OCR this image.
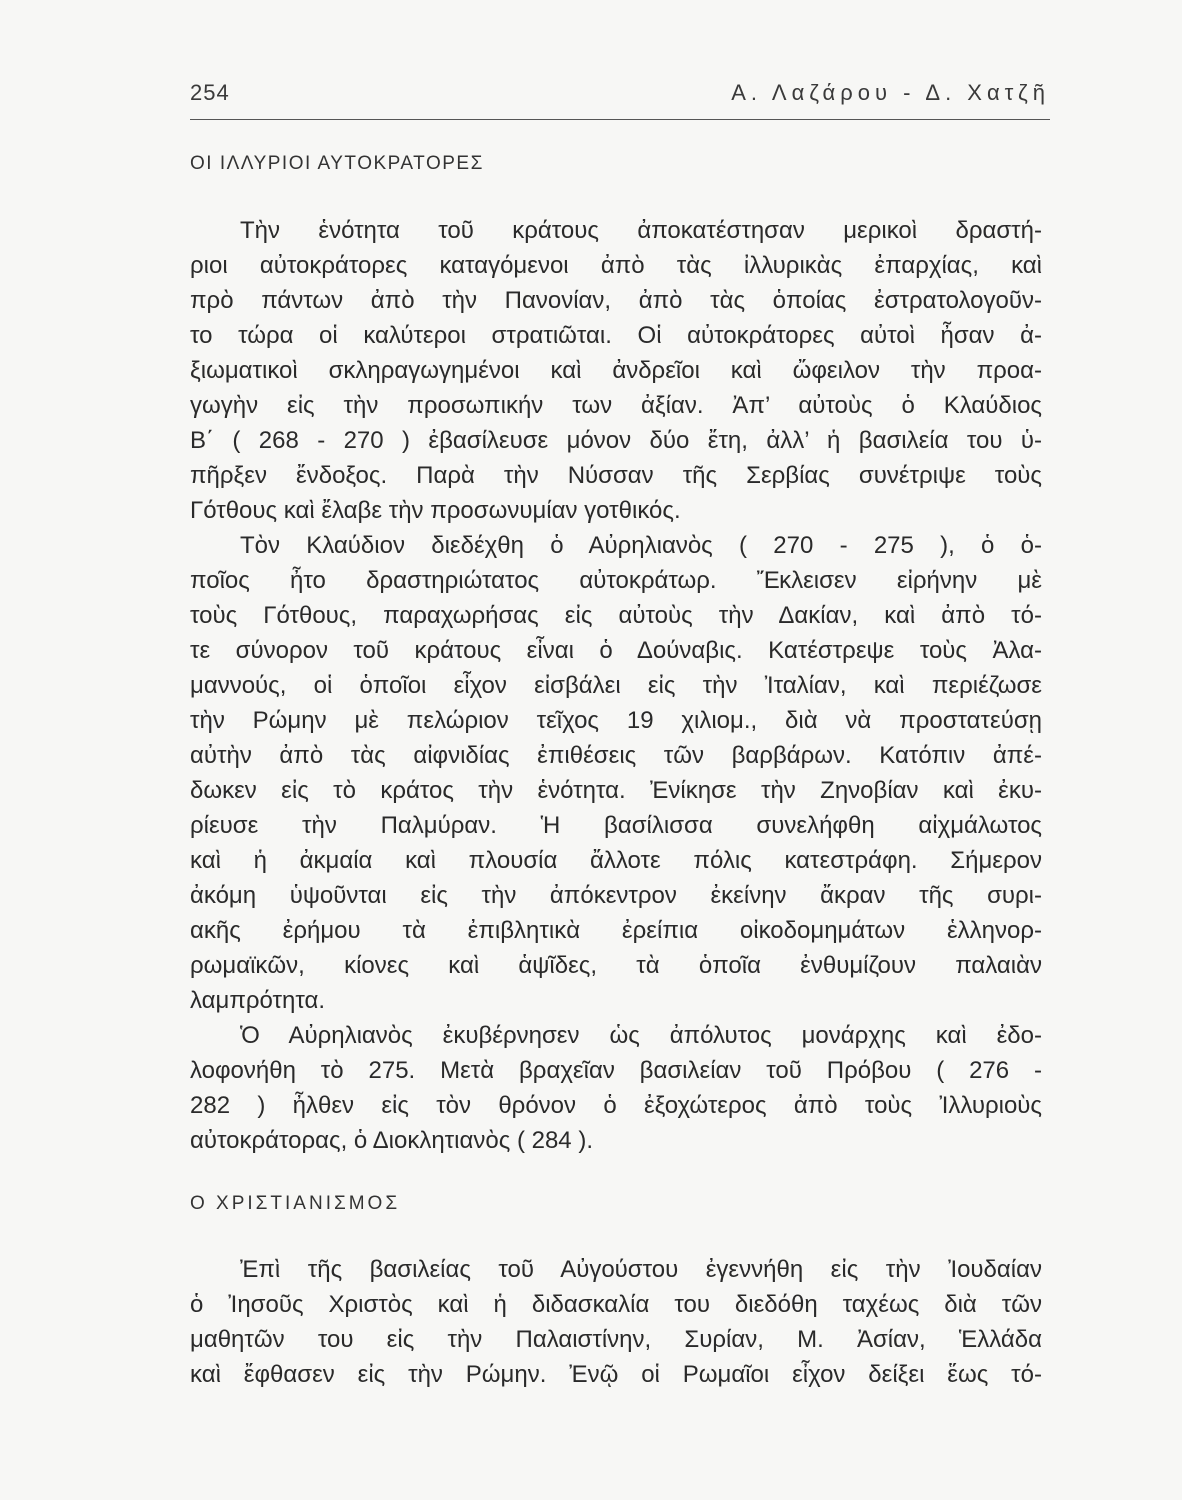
254	Α. Λαζάρου - Δ. Χατζῆ
ΟΙ ΙΛΛΥΡΙΟΙ ΑΥΤΟΚΡΑΤΟΡΕΣ
Τὴν ἑνότητα τοῦ κράτους ἀποκατέστησαν μερικοὶ δραστή-
ριοι αὐτοκράτορες καταγόμενοι ἀπὸ τὰς ἰλλυρικὰς ἐπαρχίας, καὶ
πρὸ πάντων ἀπὸ τὴν Πανονίαν, ἀπὸ τὰς ὁποίας ἐστρατολογοῦν-
το τώρα οἱ καλύτεροι στρατιῶται. Οἱ αὐτοκράτορες αὐτοὶ ἦσαν ἀ-
ξιωματικοὶ σκληραγωγημένοι καὶ ἀνδρεῖοι καὶ ὤφειλον τὴν προα-
γωγὴν εἰς τὴν προσωπικήν των ἀξίαν. Ἀπ’ αὐτοὺς ὁ Κλαύδιος
Β΄ ( 268 - 270 ) ἐβασίλευσε μόνον δύο ἔτη, ἀλλ’ ἡ βασιλεία του ὑ-
πῆρξεν ἔνδοξος. Παρὰ τὴν Νύσσαν τῆς Σερβίας συνέτριψε τοὺς
Γότθους καὶ ἔλαβε τὴν προσωνυμίαν γοτθικός.
Τὸν Κλαύδιον διεδέχθη ὁ Αὐρηλιανὸς ( 270 - 275 ), ὁ ὁ-
ποῖος ἦτο δραστηριώτατος αὐτοκράτωρ. Ἔκλεισεν εἰρήνην μὲ
τοὺς Γότθους, παραχωρήσας εἰς αὐτοὺς τὴν Δακίαν, καὶ ἀπὸ τό-
τε σύνορον τοῦ κράτους εἶναι ὁ Δούναβις. Κατέστρεψε τοὺς Ἀλα-
μαννούς, οἱ ὁποῖοι εἶχον εἰσβάλει εἰς τὴν Ἰταλίαν, καὶ περιέζωσε
τὴν Ρώμην μὲ πελώριον τεῖχος 19 χιλιομ., διὰ νὰ προστατεύσῃ
αὐτὴν ἀπὸ τὰς αἰφνιδίας ἐπιθέσεις τῶν βαρβάρων. Κατόπιν ἀπέ-
δωκεν εἰς τὸ κράτος τὴν ἑνότητα. Ἐνίκησε τὴν Ζηνοβίαν καὶ ἐκυ-
ρίευσε τὴν Παλμύραν. Ἡ βασίλισσα συνελήφθη αἰχμάλωτος
καὶ ἡ ἀκμαία καὶ πλουσία ἄλλοτε πόλις κατεστράφη. Σήμερον
ἀκόμη ὑψοῦνται εἰς τὴν ἀπόκεντρον ἐκείνην ἄκραν τῆς συρι-
ακῆς ἐρήμου τὰ ἐπιβλητικὰ ἐρείπια οἰκοδομημάτων ἑλληνορ-
ρωμαϊκῶν, κίονες καὶ ἁψῖδες, τὰ ὁποῖα ἐνθυμίζουν παλαιὰν
λαμπρότητα.
Ὁ Αὐρηλιανὸς ἐκυβέρνησεν ὡς ἀπόλυτος μονάρχης καὶ ἐδο-
λοφονήθη τὸ 275. Μετὰ βραχεῖαν βασιλείαν τοῦ Πρόβου ( 276 -
282 ) ἦλθεν εἰς τὸν θρόνον ὁ ἐξοχώτερος ἀπὸ τοὺς Ἰλλυριοὺς
αὐτοκράτορας, ὁ Διοκλητιανὸς ( 284 ).
Ο ΧΡΙΣΤΙΑΝΙΣΜΟΣ
Ἐπὶ τῆς βασιλείας τοῦ Αὐγούστου ἐγεννήθη εἰς τὴν Ἰουδαίαν
ὁ Ἰησοῦς Χριστὸς καὶ ἡ διδασκαλία του διεδόθη ταχέως διὰ τῶν
μαθητῶν του εἰς τὴν Παλαιστίνην, Συρίαν, Μ. Ἀσίαν, Ἑλλάδα
καὶ ἔφθασεν εἰς τὴν Ρώμην. Ἐνῷ οἱ Ρωμαῖοι εἶχον δείξει ἕως τό-
